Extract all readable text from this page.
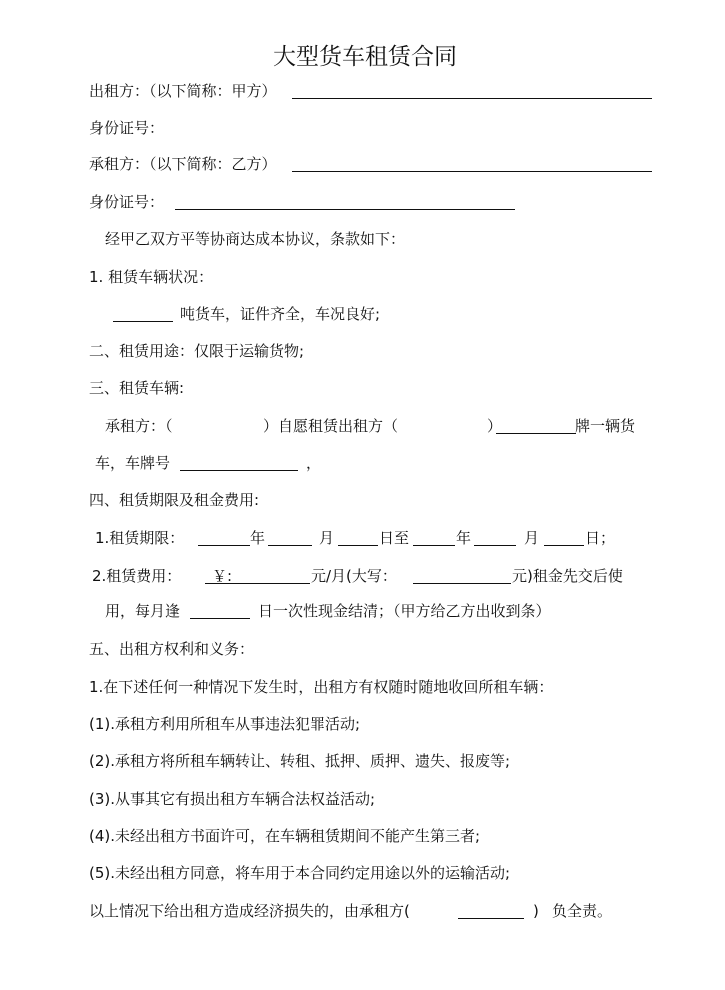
大型货车租赁合同
出租方：（以下简称：甲方）
身份证号：
承租方：（以下简称：乙方）
身份证号：
经甲乙双方平等协商达成本协议，条款如下：
1. 租赁车辆状况：
吨货车，证件齐全，车况良好;
二、租赁用途：仅限于运输货物;
三、租赁车辆:
承租方：（	）自愿租赁出租方（	）	牌一辆货
车，车牌号	，
四、租赁期限及租金费用:
1.租赁期限：	年	月	日至	年	月	日；
2.租赁费用： ￥:	元/月(大写：	元)租金先交后使
用，每月逢	日一次性现金结清；（甲方给乙方出收到条）
五、出租方权利和义务：
1.在下述任何一种情况下发生时，出租方有权随时随地收回所租车辆：
(1).承租方利用所租车从事违法犯罪活动;
(2).承租方将所租车辆转让、转租、抵押、质押、遗失、报废等;
(3).从事其它有损出租方车辆合法权益活动;
(4).未经出租方书面许可，在车辆租赁期间不能产生第三者;
(5).未经出租方同意，将车用于本合同约定用途以外的运输活动;
以上情况下给出租方造成经济损失的，由承租方(	) 负全责。
